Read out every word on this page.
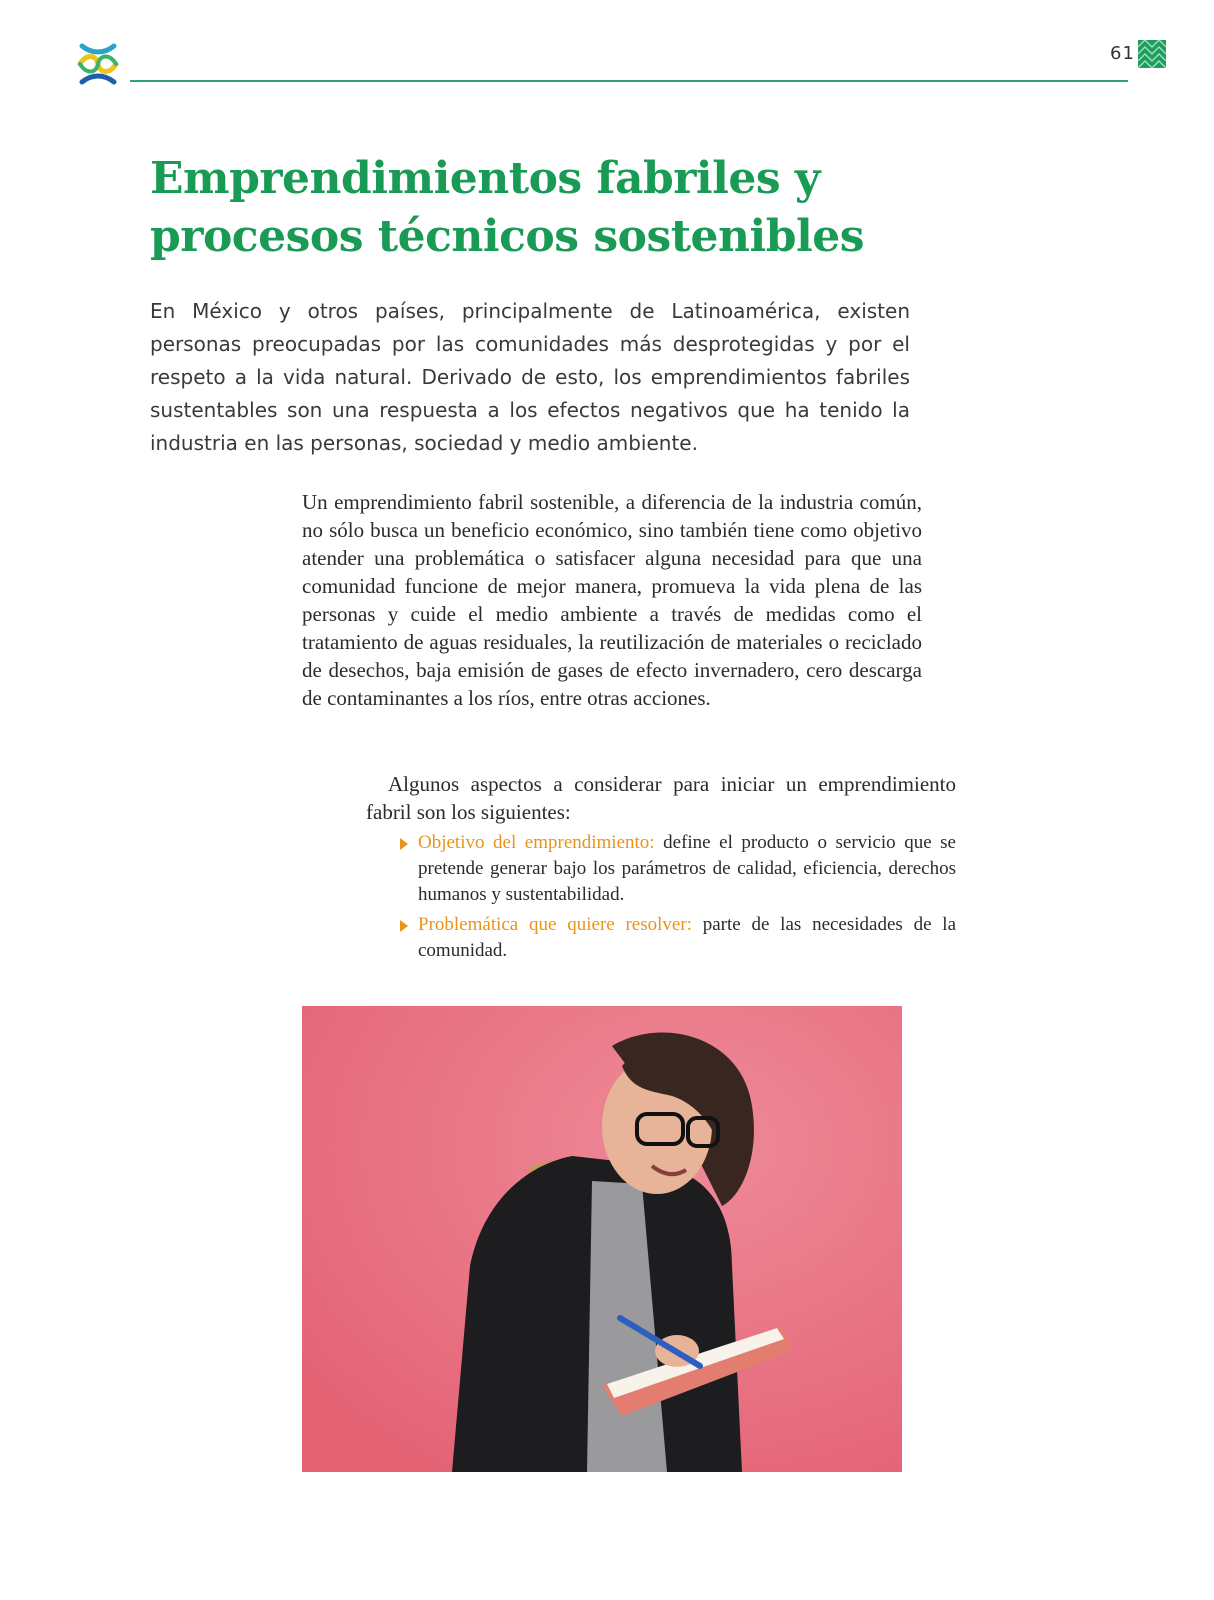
61
Emprendimientos fabriles y
procesos técnicos sostenibles

En México y otros países, principalmente de Latinoamérica, existen personas preocupadas por las comunidades más desprotegidas y por el respeto a la vida natural. Derivado de esto, los emprendimientos fabriles sustentables son una respuesta a los efectos negativos que ha tenido la industria en las personas, sociedad y medio ambiente.

Un emprendimiento fabril sostenible, a diferencia de la industria común, no sólo busca un beneficio económico, sino también tiene como objetivo atender una problemática o satisfacer alguna necesidad para que una comunidad funcione de mejor manera, promueva la vida plena de las personas y cuide el medio ambiente a través de medidas como el tratamiento de aguas residuales, la reutilización de materiales o reciclado de desechos, baja emisión de gases de efecto invernadero, cero descarga de contaminantes a los ríos, entre otras acciones.

Algunos aspectos a considerar para iniciar un emprendimiento fabril son los siguientes:

Objetivo del emprendimiento: define el producto o servicio que se pretende generar bajo los parámetros de calidad, eficiencia, derechos humanos y sustentabilidad.
Problemática que quiere resolver: parte de las necesidades de la comunidad.
